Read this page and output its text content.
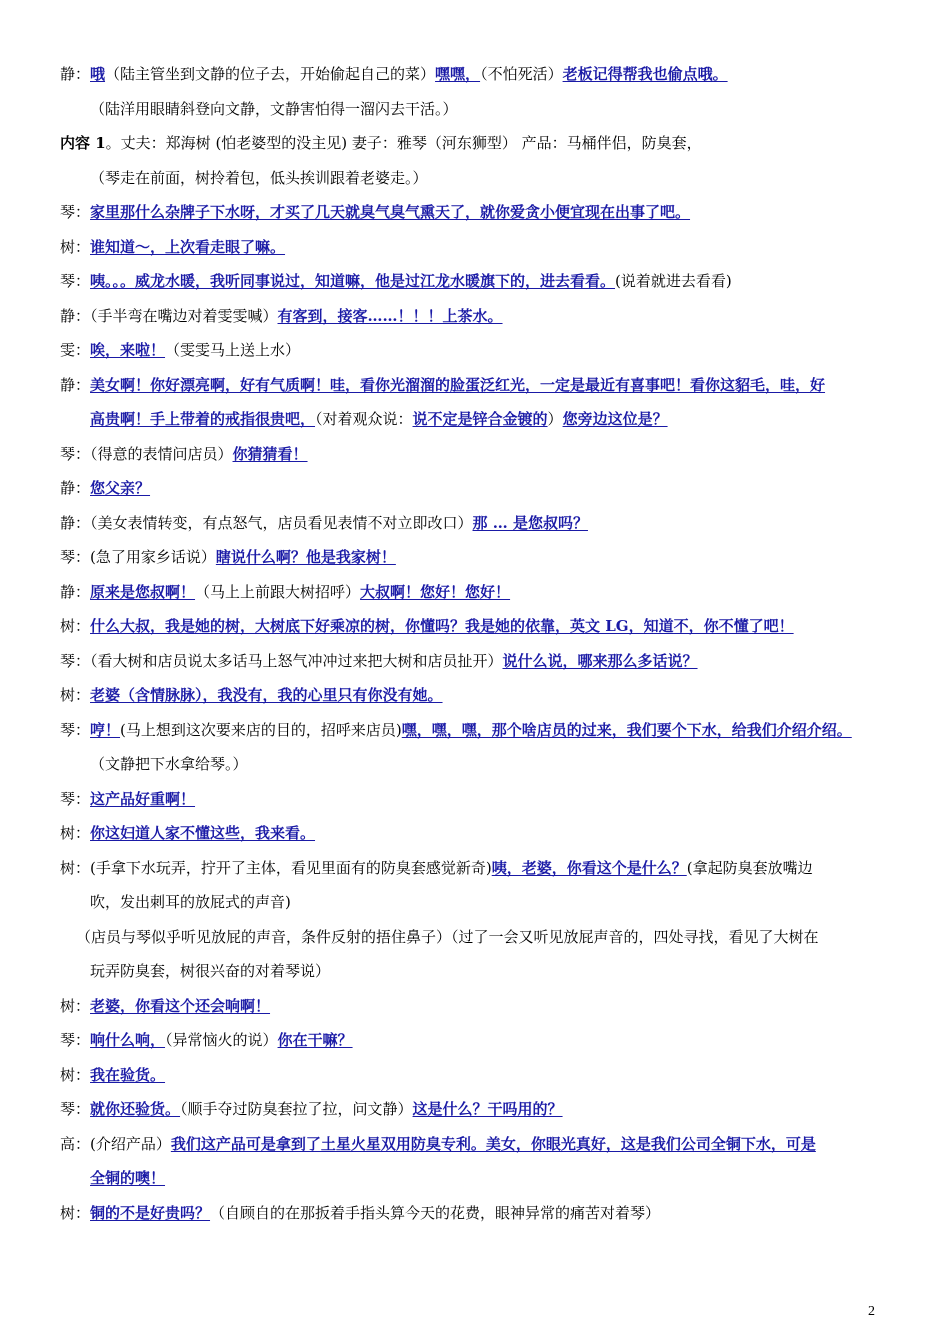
静：哦（陆主管坐到文静的位子去，开始偷起自己的菜）嘿嘿，（不怕死活）老板记得帮我也偷点哦。
（陆洋用眼睛斜登向文静，文静害怕得一溜闪去干活。）
内容 1。丈夫：郑海树 (怕老婆型的没主见) 妻子：雅琴（河东狮型） 产品：马桶伴侣，防臭套，
（琴走在前面，树拎着包，低头挨训跟着老婆走。）
琴：家里那什么杂牌子下水呀，才买了几天就臭气臭气熏天了，就你爱贪小便宜现在出事了吧。
树：谁知道～，上次看走眼了嘛。
琴：咦。。。威龙水暖，我听同事说过，知道嘛，他是过江龙水暖旗下的，进去看看。(说着就进去看看)
静：（手半弯在嘴边对着雯雯喊）有客到，接客……！！！上茶水。
雯：唉，来啦！（雯雯马上送上水）
静：美女啊！你好漂亮啊，好有气质啊！哇，看你光溜溜的脸蛋泛红光，一定是最近有喜事吧！看你这貂毛，哇，好
高贵啊！手上带着的戒指很贵吧，（对着观众说：说不定是锌合金镀的）您旁边这位是？
琴：（得意的表情问店员）你猜猜看！
静：您父亲？
静：（美女表情转变，有点怒气，店员看见表情不对立即改口）那 … 是您叔吗？
琴：(急了用家乡话说）瞎说什么啊？他是我家树！
静：原来是您叔啊！（马上上前跟大树招呼）大叔啊！您好！您好！
树：什么大叔，我是她的树，大树底下好乘凉的树，你懂吗？我是她的依靠，英文 LG，知道不，你不懂了吧！
琴：（看大树和店员说太多话马上怒气冲冲过来把大树和店员扯开）说什么说，哪来那么多话说？
树：老婆（含情脉脉），我没有，我的心里只有你没有她。
琴：哼！(马上想到这次要来店的目的，招呼来店员)嘿，嘿，嘿，那个啥店员的过来，我们要个下水，给我们介绍介绍。
（文静把下水拿给琴。）
琴：这产品好重啊！
树：你这妇道人家不懂这些，我来看。
树：(手拿下水玩弄，拧开了主体，看见里面有的防臭套感觉新奇)咦，老婆，你看这个是什么？(拿起防臭套放嘴边
吹，发出刺耳的放屁式的声音)
（店员与琴似乎听见放屁的声音，条件反射的捂住鼻子）（过了一会又听见放屁声音的，四处寻找，看见了大树在
玩弄防臭套，树很兴奋的对着琴说）
树：老婆，你看这个还会响啊！
琴：响什么响，（异常恼火的说）你在干嘛？
树：我在验货。
琴：就你还验货。（顺手夺过防臭套拉了拉，问文静）这是什么？干吗用的？
高：(介绍产品）我们这产品可是拿到了土星火星双用防臭专利。美女，你眼光真好，这是我们公司全铜下水，可是
全铜的噢！
树：铜的不是好贵吗？（自顾自的在那扳着手指头算今天的花费，眼神异常的痛苦对着琴）
2
